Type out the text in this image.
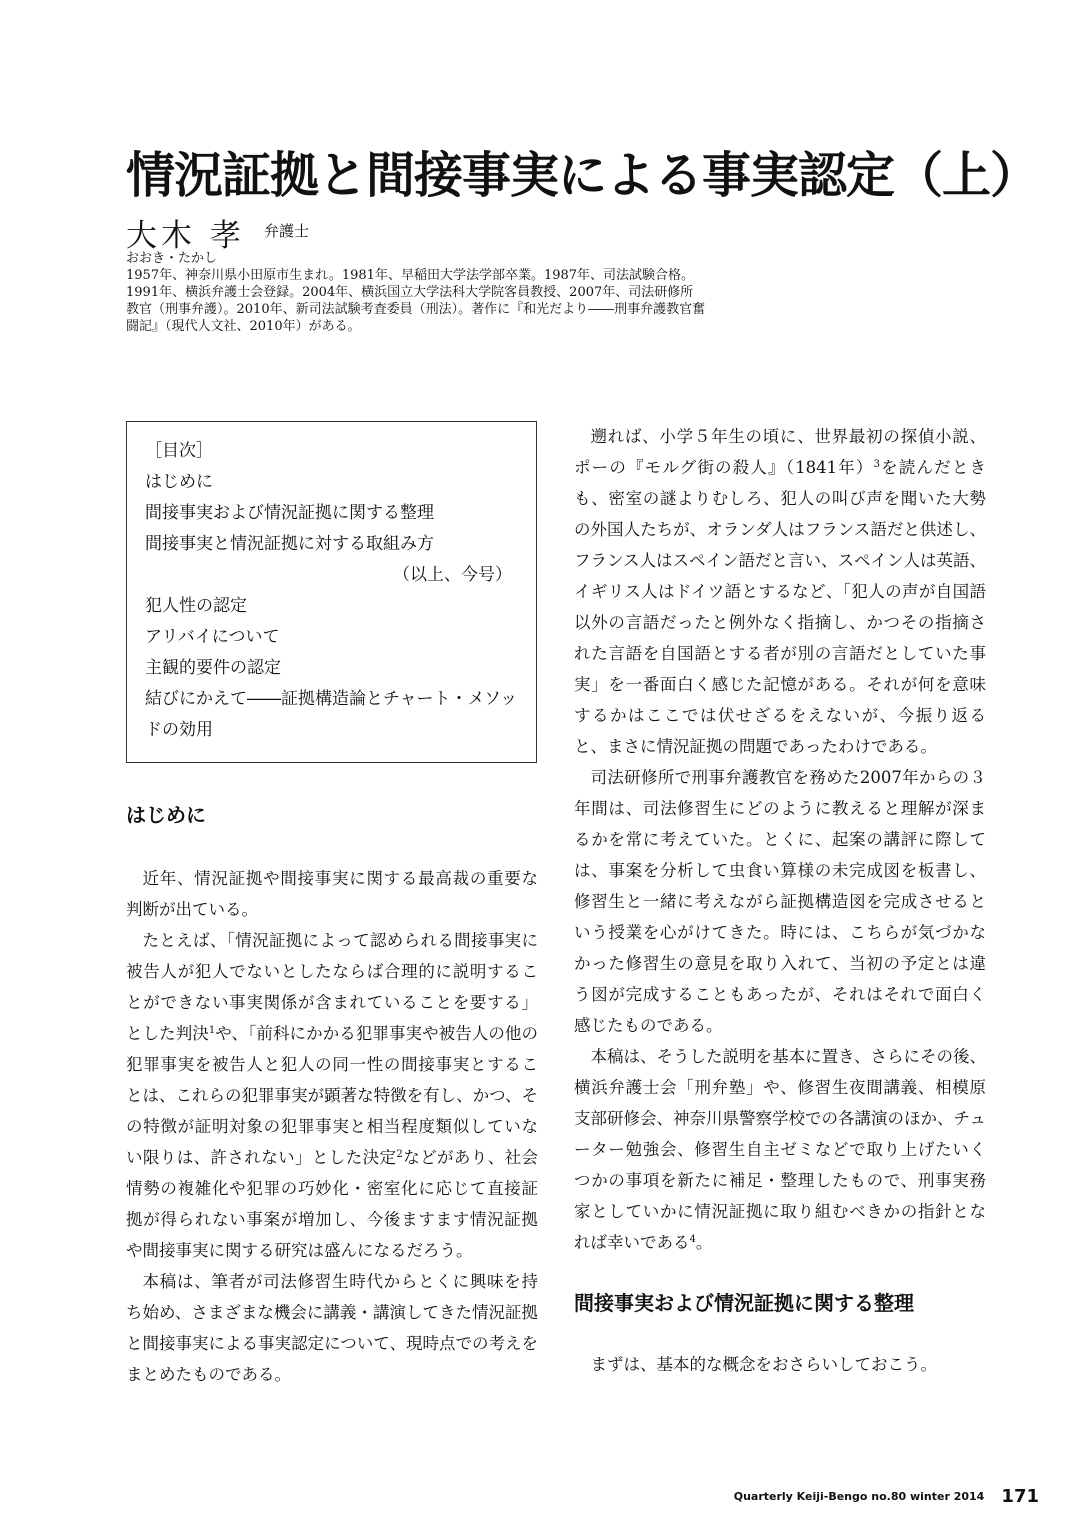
情況証拠と間接事実による事実認定（上）
大木 孝 弁護士

おおき・たかし

1957年、神奈川県小田原市生まれ。1981年、早稲田大学法学部卒業。1987年、司法試験合格。1991年、横浜弁護士会登録。2004年、横浜国立大学法科大学院客員教授、2007年、司法研修所教官（刑事弁護）。2010年、新司法試験考査委員（刑法）。著作に『和光だより――刑事弁護教官奮闘記』（現代人文社、2010年）がある。

［目次］
はじめに
間接事実および情況証拠に関する整理
間接事実と情況証拠に対する取組み方
（以上、今号）
犯人性の認定
アリバイについて
主観的要件の認定
結びにかえて――証拠構造論とチャート・メソッドの効用
はじめに

近年、情況証拠や間接事実に関する最高裁の重要な判断が出ている。

たとえば、「情況証拠によって認められる間接事実に被告人が犯人でないとしたならば合理的に説明することができない事実関係が含まれていることを要する」とした判決$^1$や、「前科にかかる犯罪事実や被告人の他の犯罪事実を被告人と犯人の同一性の間接事実とすることは、これらの犯罪事実が顕著な特徴を有し、かつ、その特徴が証明対象の犯罪事実と相当程度類似していない限りは、許されない」とした決定$^2$などがあり、社会情勢の複雑化や犯罪の巧妙化・密室化に応じて直接証拠が得られない事案が増加し、今後ますます情況証拠や間接事実に関する研究は盛んになるだろう。

本稿は、筆者が司法修習生時代からとくに興味を持ち始め、さまざまな機会に講義・講演してきた情況証拠と間接事実による事実認定について、現時点での考えをまとめたものである。

遡れば、小学５年生の頃に、世界最初の探偵小説、ポーの『モルグ街の殺人』（1841年）$^3$を読んだときも、密室の謎よりむしろ、犯人の叫び声を聞いた大勢の外国人たちが、オランダ人はフランス語だと供述し、フランス人はスペイン語だと言い、スペイン人は英語、イギリス人はドイツ語とするなど、「犯人の声が自国語以外の言語だったと例外なく指摘し、かつその指摘された言語を自国語とする者が別の言語だとしていた事実」を一番面白く感じた記憶がある。それが何を意味するかはここでは伏せざるをえないが、今振り返ると、まさに情況証拠の問題であったわけである。

司法研修所で刑事弁護教官を務めた2007年からの３年間は、司法修習生にどのように教えると理解が深まるかを常に考えていた。とくに、起案の講評に際しては、事案を分析して虫食い算様の未完成図を板書し、修習生と一緒に考えながら証拠構造図を完成させるという授業を心がけてきた。時には、こちらが気づかなかった修習生の意見を取り入れて、当初の予定とは違う図が完成することもあったが、それはそれで面白く感じたものである。

本稿は、そうした説明を基本に置き、さらにその後、横浜弁護士会「刑弁塾」や、修習生夜間講義、相模原支部研修会、神奈川県警察学校での各講演のほか、チューター勉強会、修習生自主ゼミなどで取り上げたいくつかの事項を新たに補足・整理したもので、刑事実務家としていかに情況証拠に取り組むべきかの指針となれば幸いである$^4$。

間接事実および情況証拠に関する整理

まずは、基本的な概念をおさらいしておこう。

Quarterly Keiji-Bengo no.80 winter 2014 171
